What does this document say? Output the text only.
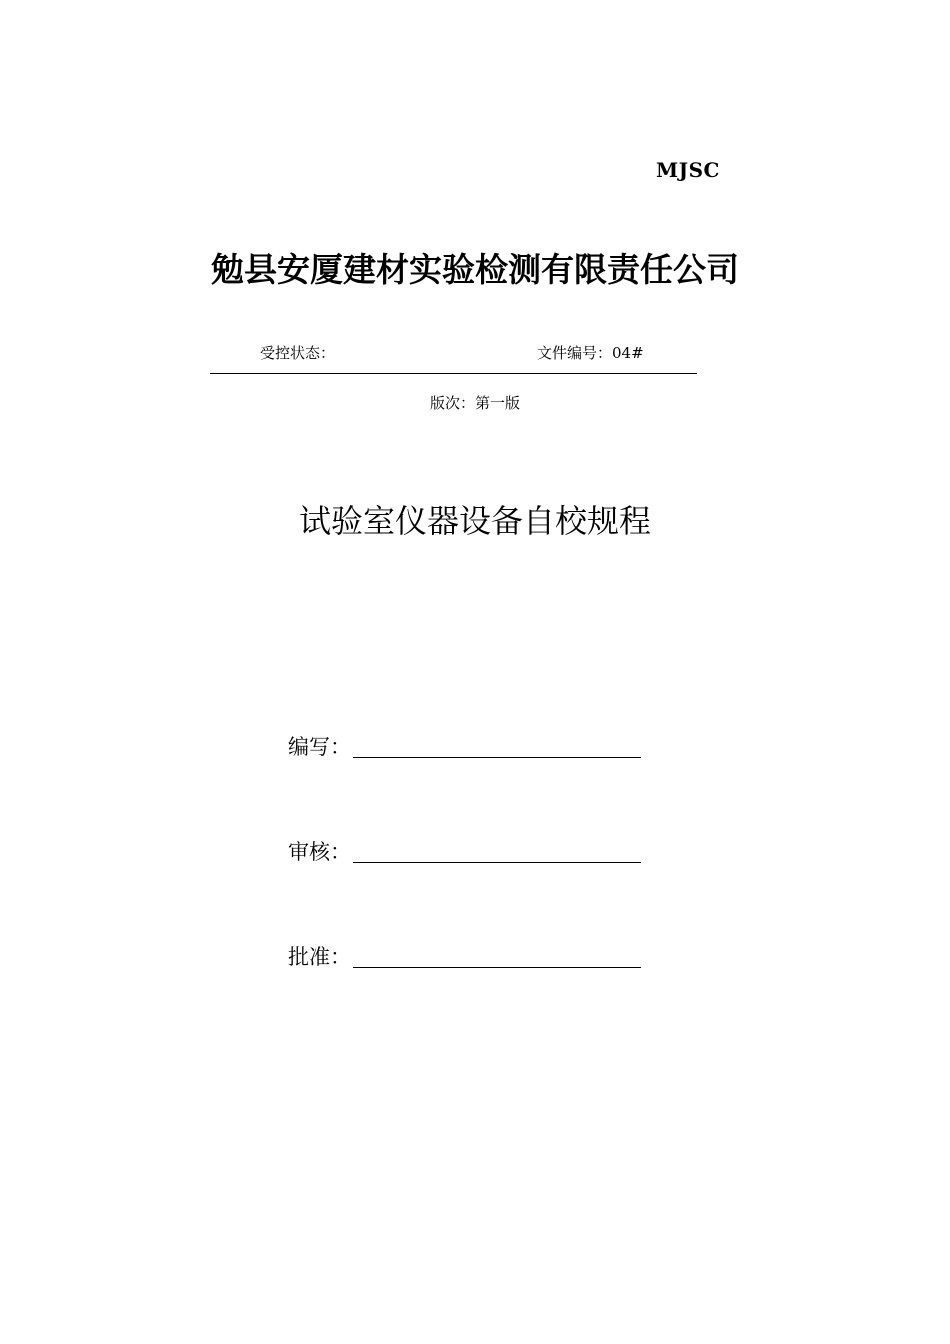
MJSC
勉县安厦建材实验检测有限责任公司
受控状态：	文件编号：04#
版次：第一版
试验室仪器设备自校规程
编写：
审核：
批准：
